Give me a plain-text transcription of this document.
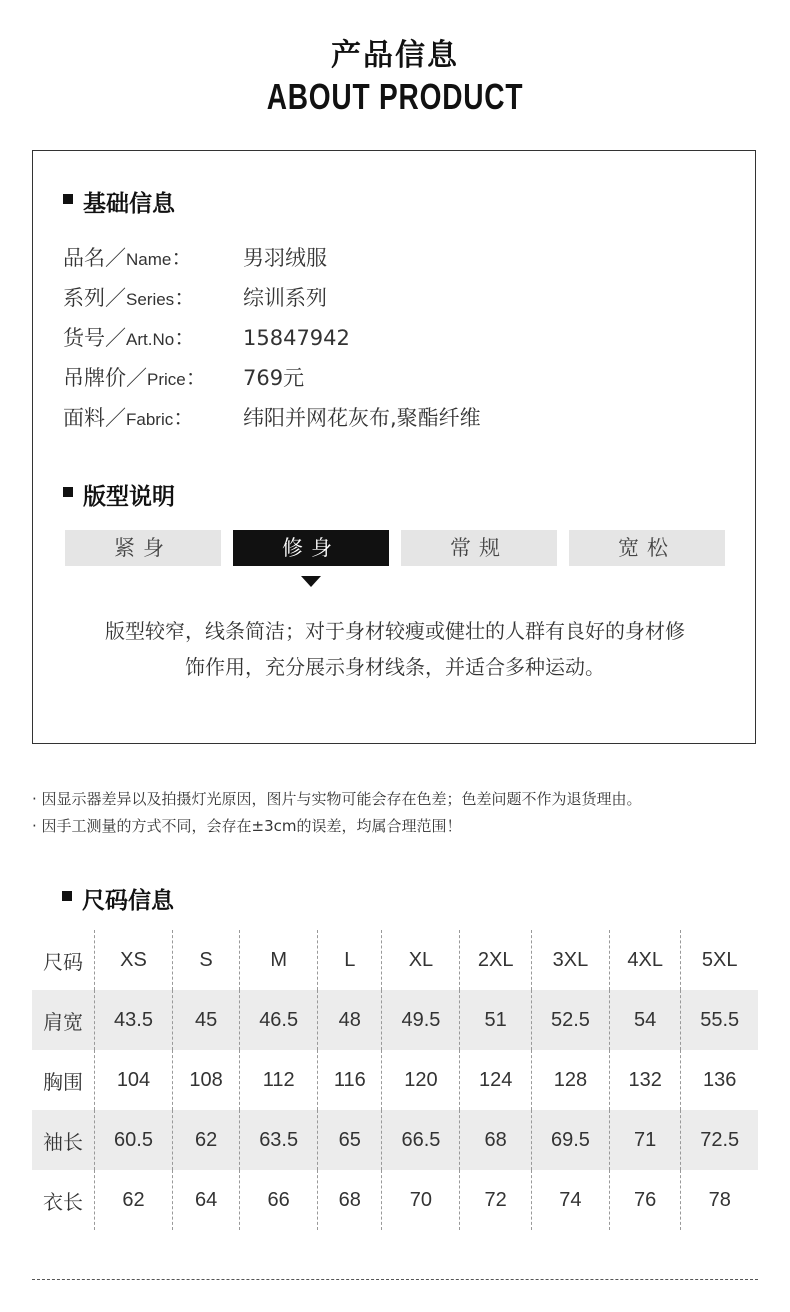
产品信息
ABOUT PRODUCT
基础信息
品名／Name： 男羽绒服
系列／Series： 综训系列
货号／Art.No： 15847942
吊牌价／Price： 769元
面料／Fabric： 纬阳并网花灰布,聚酯纤维
版型说明
紧身	修身	常规	宽松
版型较窄，线条简洁；对于身材较瘦或健壮的人群有良好的身材修
饰作用，充分展示身材线条，并适合多种运动。
· 因显示器差异以及拍摄灯光原因，图片与实物可能会存在色差；色差问题不作为退货理由。
· 因手工测量的方式不同，会存在±3cm的误差，均属合理范围！
尺码信息
尺码	XS	S	M	L	XL	2XL	3XL	4XL	5XL
肩宽	43.5	45	46.5	48	49.5	51	52.5	54	55.5
胸围	104	108	112	116	120	124	128	132	136
袖长	60.5	62	63.5	65	66.5	68	69.5	71	72.5
衣长	62	64	66	68	70	72	74	76	78
